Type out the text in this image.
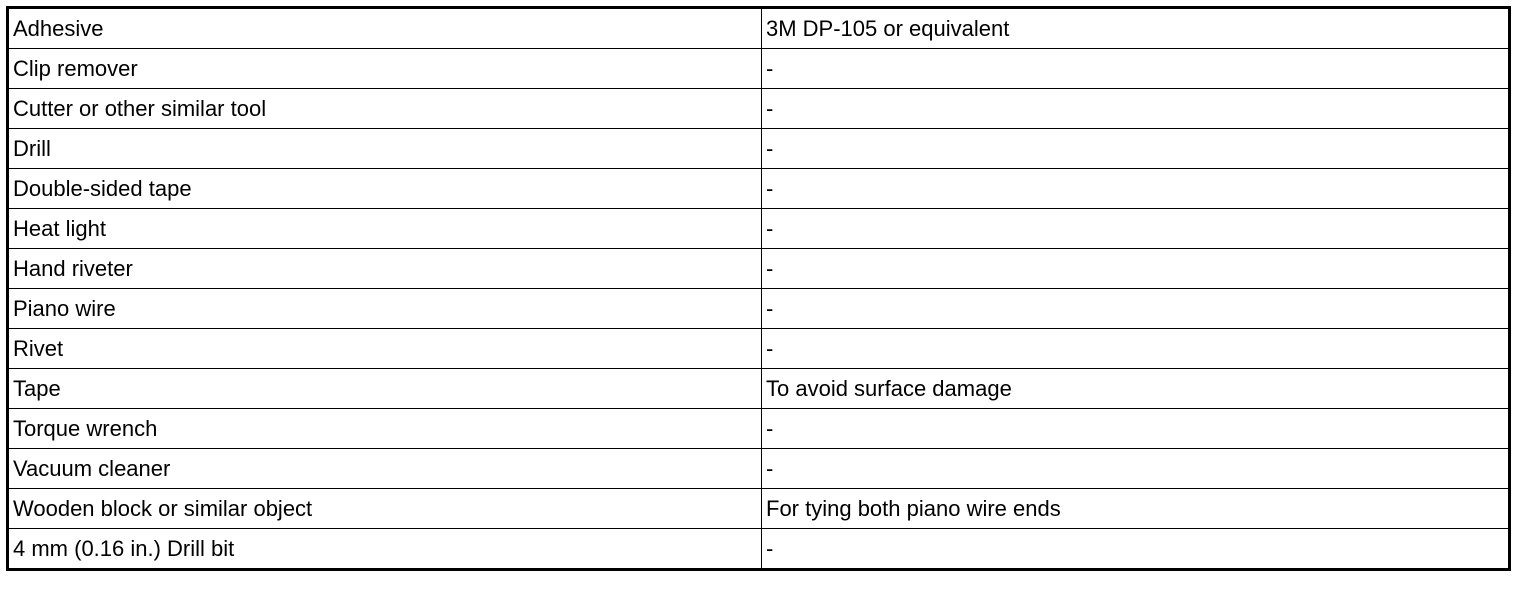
Adhesive	3M DP-105 or equivalent
Clip remover	-
Cutter or other similar tool	-
Drill	-
Double-sided tape	-
Heat light	-
Hand riveter	-
Piano wire	-
Rivet	-
Tape	To avoid surface damage
Torque wrench	-
Vacuum cleaner	-
Wooden block or similar object	For tying both piano wire ends
4 mm (0.16 in.) Drill bit	-
